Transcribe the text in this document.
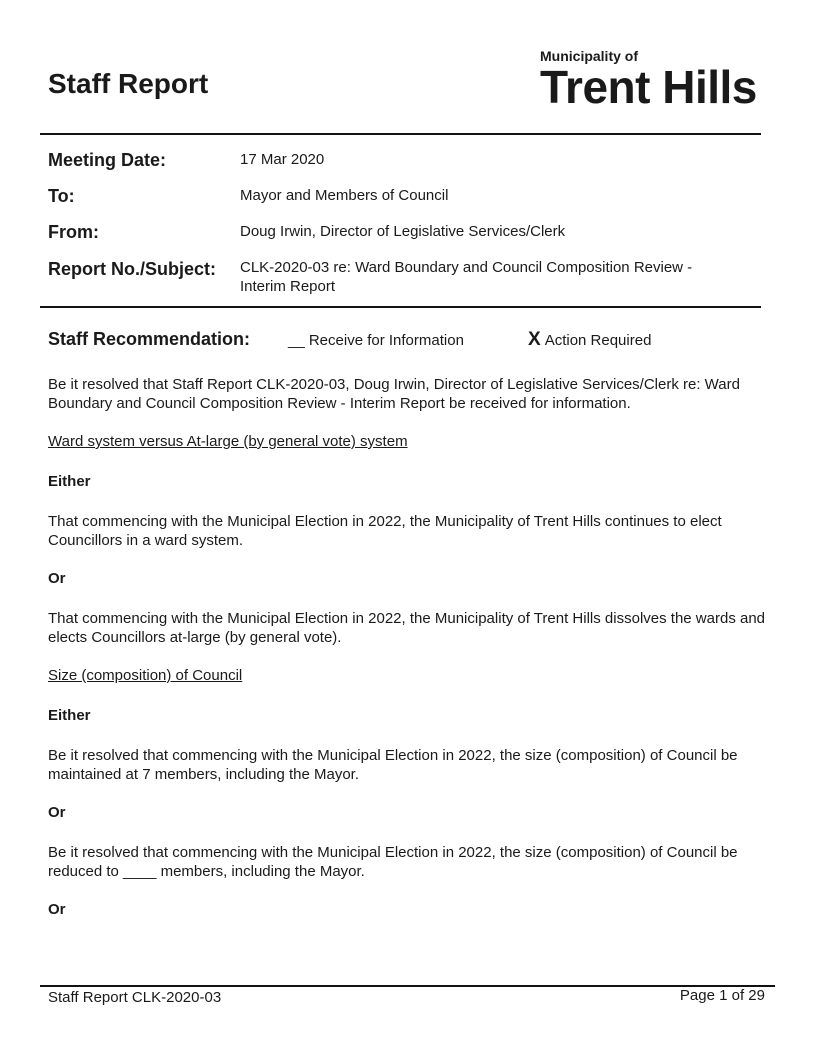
Staff Report
Municipality of
Trent Hills
Meeting Date:	17 Mar 2020
To:	Mayor and Members of Council
From:	Doug Irwin, Director of Legislative Services/Clerk
Report No./Subject: CLK-2020-03 re: Ward Boundary and Council Composition Review - Interim Report
Staff Recommendation:	__ Receive for Information	X Action Required
Be it resolved that Staff Report CLK-2020-03, Doug Irwin, Director of Legislative Services/Clerk re: Ward Boundary and Council Composition Review - Interim Report be received for information.
Ward system versus At-large (by general vote) system
Either
That commencing with the Municipal Election in 2022, the Municipality of Trent Hills continues to elect Councillors in a ward system.
Or
That commencing with the Municipal Election in 2022, the Municipality of Trent Hills dissolves the wards and elects Councillors at-large (by general vote).
Size (composition) of Council
Either
Be it resolved that commencing with the Municipal Election in 2022, the size (composition) of Council be maintained at 7 members, including the Mayor.
Or
Be it resolved that commencing with the Municipal Election in 2022, the size (composition) of Council be reduced to ____ members, including the Mayor.
Or
Staff Report CLK-2020-03	Page 1 of 29
